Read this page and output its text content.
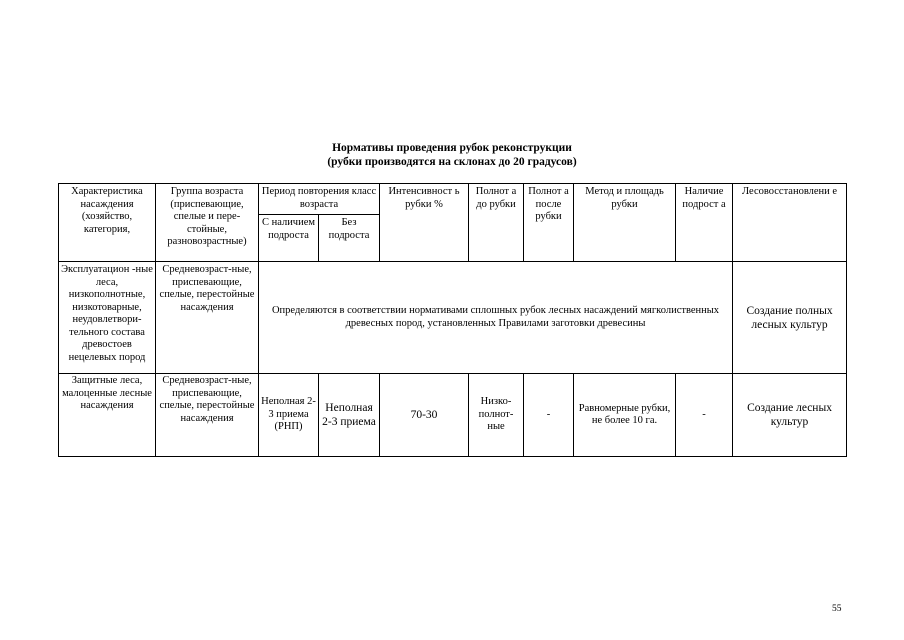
Нормативы проведения рубок реконструкции
(рубки производятся на склонах до 20 градусов)
Характеристика насаждения (хозяйство, категория,	Группа возраста (приспевающие, спелые и пере-стойные, разновозрастные)	Период повторения класс возраста		Интенсивност ь рубки %	Полнот а до рубки	Полнот а после рубки	Метод и площадь рубки	Наличие подрост а	Лесовосстановлени е
		С наличием подроста	Без подроста						
Эксплуатацион -ные леса, низкополнотные, низкотоварные, неудовлетвори-тельного состава древостоев нецелевых пород	Средневозраст-ные, приспевающие, спелые, перестойные насаждения	Определяются в соответствии нормативами сплошных рубок лесных насаждений мягколиственных древесных пород, установленных Правилами заготовки древесины							Создание полных лесных культур
Защитные леса, малоценные лесные насаждения	Средневозраст-ные, приспевающие, спелые, перестойные насаждения	Неполная 2-3 приема (РНП)	Неполная 2-3 приема	70-30	Низко-полнот-ные	-	Равномерные рубки, не более 10 га.	-	Создание лесных культур
55
